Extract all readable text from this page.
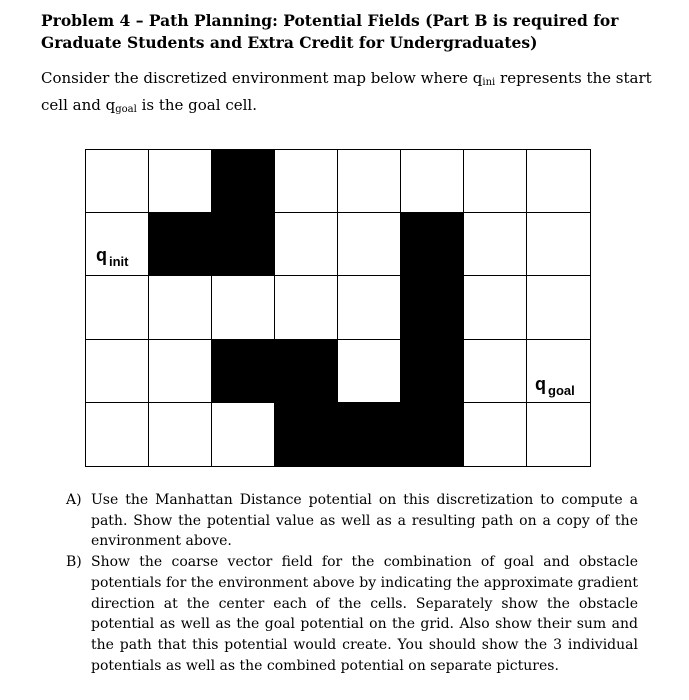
Problem 4 – Path Planning: Potential Fields (Part B is required for Graduate Students and Extra Credit for Undergraduates)
Consider the discretized environment map below where $q_{ini}$ represents the start cell and $q_{goal}$ is the goal cell.
q $_{init}$
q $_{goal}$
A) Use the Manhattan Distance potential on this discretization to compute a path. Show the potential value as well as a resulting path on a copy of the environment above.
B) Show the coarse vector field for the combination of goal and obstacle potentials for the environment above by indicating the approximate gradient direction at the center each of the cells. Separately show the obstacle potential as well as the goal potential on the grid. Also show their sum and the path that this potential would create. You should show the 3 individual potentials as well as the combined potential on separate pictures.
